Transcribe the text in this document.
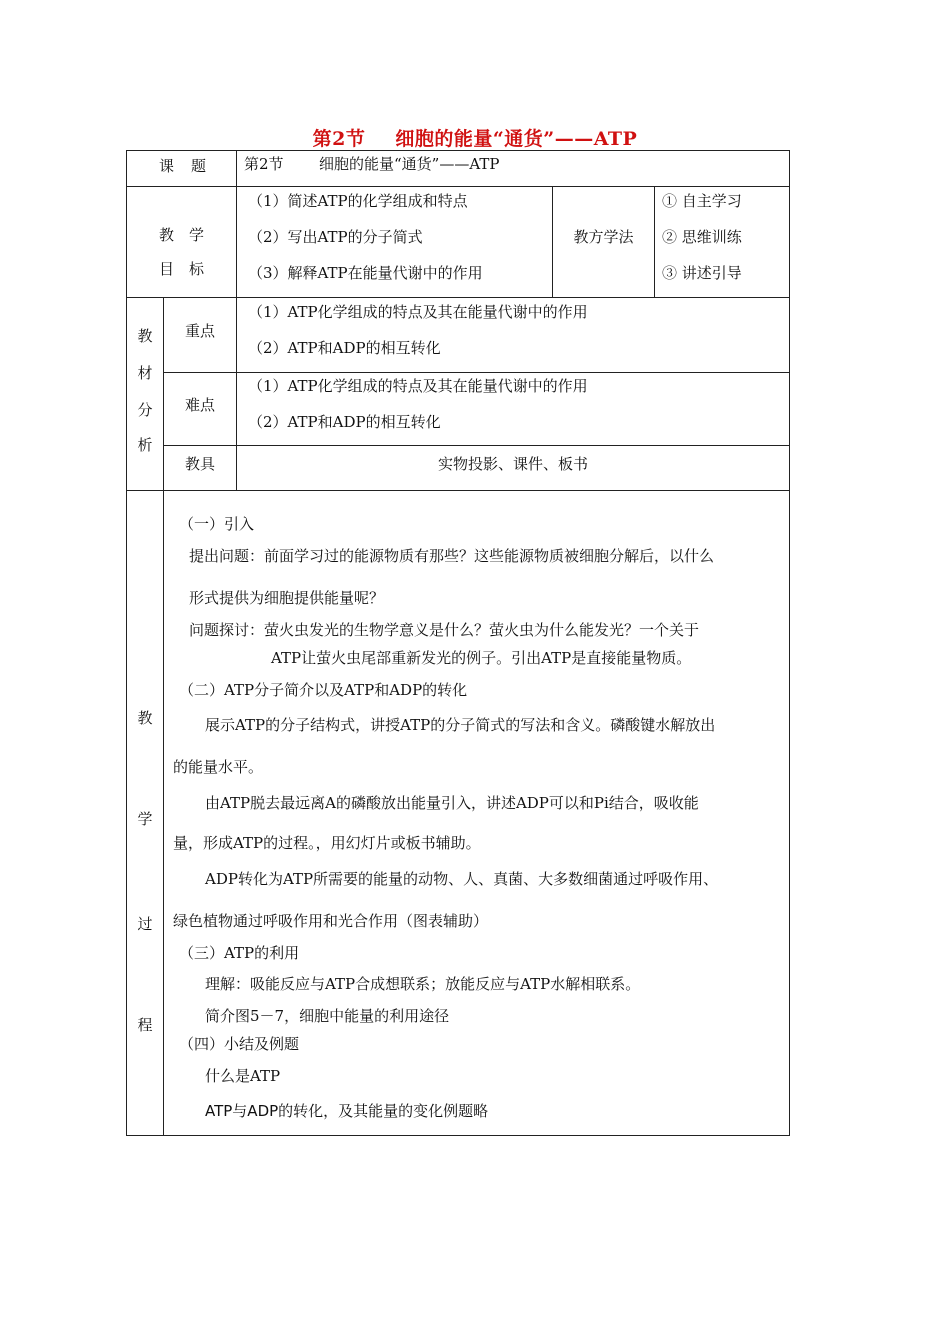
第2节 细胞的能量“通货”——ATP
课 题	第2节 细胞的能量“通货”——ATP
教　学
目　标
（1）简述ATP的化学组成和特点
（2）写出ATP的分子简式
（3）解释ATP在能量代谢中的作用
教方学法
① 自主学习
② 思维训练
③ 讲述引导
教
材
分
析
重点
（1）ATP化学组成的特点及其在能量代谢中的作用
（2）ATP和ADP的相互转化
难点
（1）ATP化学组成的特点及其在能量代谢中的作用
（2）ATP和ADP的相互转化
教具	实物投影、课件、板书
教
学
过
程
（一）引入
提出问题：前面学习过的能源物质有那些？这些能源物质被细胞分解后，以什么
形式提供为细胞提供能量呢？
问题探讨：萤火虫发光的生物学意义是什么？萤火虫为什么能发光？一个关于
ATP让萤火虫尾部重新发光的例子。引出ATP是直接能量物质。
（二）ATP分子简介以及ATP和ADP的转化
展示ATP的分子结构式，讲授ATP的分子简式的写法和含义。磷酸键水解放出
的能量水平。
由ATP脱去最远离A的磷酸放出能量引入，讲述ADP可以和Pi结合，吸收能
量，形成ATP的过程。，用幻灯片或板书辅助。
ADP转化为ATP所需要的能量的动物、人、真菌、大多数细菌通过呼吸作用、
绿色植物通过呼吸作用和光合作用（图表辅助）
（三）ATP的利用
理解：吸能反应与ATP合成想联系；放能反应与ATP水解相联系。
简介图5－7，细胞中能量的利用途径
（四）小结及例题
什么是ATP
ATP与ADP的转化，及其能量的变化例题略
